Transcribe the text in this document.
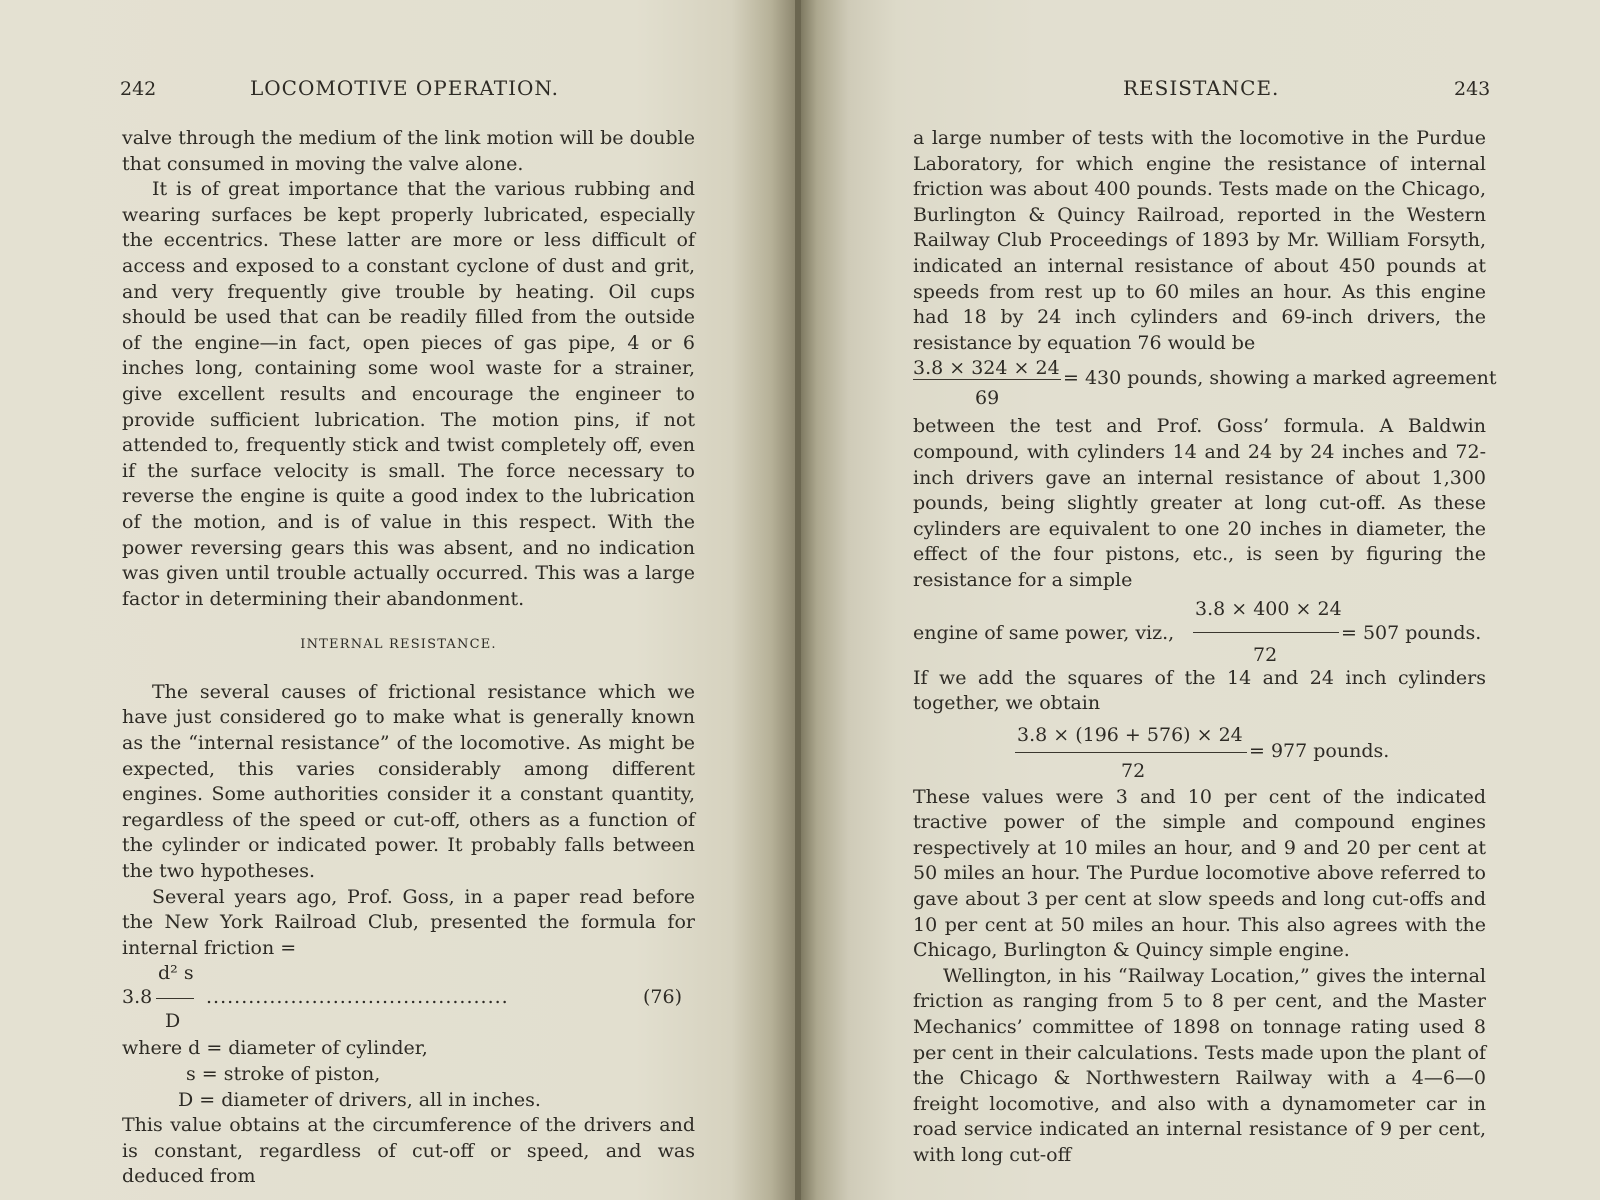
242	LOCOMOTIVE OPERATION.

valve through the medium of the link motion will be double that consumed in moving the valve alone.

It is of great importance that the various rubbing and wearing surfaces be kept properly lubricated, especially the eccentrics. These latter are more or less difficult of access and exposed to a constant cyclone of dust and grit, and very frequently give trouble by heating. Oil cups should be used that can be readily filled from the outside of the engine—in fact, open pieces of gas pipe, 4 or 6 inches long, containing some wool waste for a strainer, give excellent results and encourage the engineer to provide sufficient lubrication. The motion pins, if not attended to, frequently stick and twist completely off, even if the surface velocity is small. The force necessary to reverse the engine is quite a good index to the lubrication of the motion, and is of value in this respect. With the power reversing gears this was absent, and no indication was given until trouble actually occurred. This was a large factor in determining their abandonment.

INTERNAL RESISTANCE.

The several causes of frictional resistance which we have just considered go to make what is generally known as the “internal resistance” of the locomotive. As might be expected, this varies considerably among different engines. Some authorities consider it a constant quantity, regardless of the speed or cut-off, others as a function of the cylinder or indicated power. It probably falls between the two hypotheses.

Several years ago, Prof. Goss, in a paper read before the New York Railroad Club, presented the formula for internal friction =

d² s
3.8	...........................................	(76)
D
where d = diameter of cylinder,
s = stroke of piston,
D = diameter of drivers, all in inches.

This value obtains at the circumference of the drivers and is constant, regardless of cut-off or speed, and was deduced from

RESISTANCE.	243

a large number of tests with the locomotive in the Purdue Laboratory, for which engine the resistance of internal friction was about 400 pounds. Tests made on the Chicago, Burlington & Quincy Railroad, reported in the Western Railway Club Proceedings of 1893 by Mr. William Forsyth, indicated an internal resistance of about 450 pounds at speeds from rest up to 60 miles an hour. As this engine had 18 by 24 inch cylinders and 69-inch drivers, the resistance by equation 76 would be

3.8 × 324 × 24 = 430 pounds, showing a marked agreement
69

between the test and Prof. Goss’ formula. A Baldwin compound, with cylinders 14 and 24 by 24 inches and 72-inch drivers gave an internal resistance of about 1,300 pounds, being slightly greater at long cut-off. As these cylinders are equivalent to one 20 inches in diameter, the effect of the four pistons, etc., is seen by figuring the resistance for a simple

3.8 × 400 × 24
engine of same power, viz.,	= 507 pounds.
72

If we add the squares of the 14 and 24 inch cylinders together, we obtain

3.8 × (196 + 576) × 24
= 977 pounds.
72

These values were 3 and 10 per cent of the indicated tractive power of the simple and compound engines respectively at 10 miles an hour, and 9 and 20 per cent at 50 miles an hour. The Purdue locomotive above referred to gave about 3 per cent at slow speeds and long cut-offs and 10 per cent at 50 miles an hour. This also agrees with the Chicago, Burlington & Quincy simple engine.

Wellington, in his “Railway Location,” gives the internal friction as ranging from 5 to 8 per cent, and the Master Mechanics’ committee of 1898 on tonnage rating used 8 per cent in their calculations. Tests made upon the plant of the Chicago & Northwestern Railway with a 4—6—0 freight locomotive, and also with a dynamometer car in road service indicated an internal resistance of 9 per cent, with long cut-off
